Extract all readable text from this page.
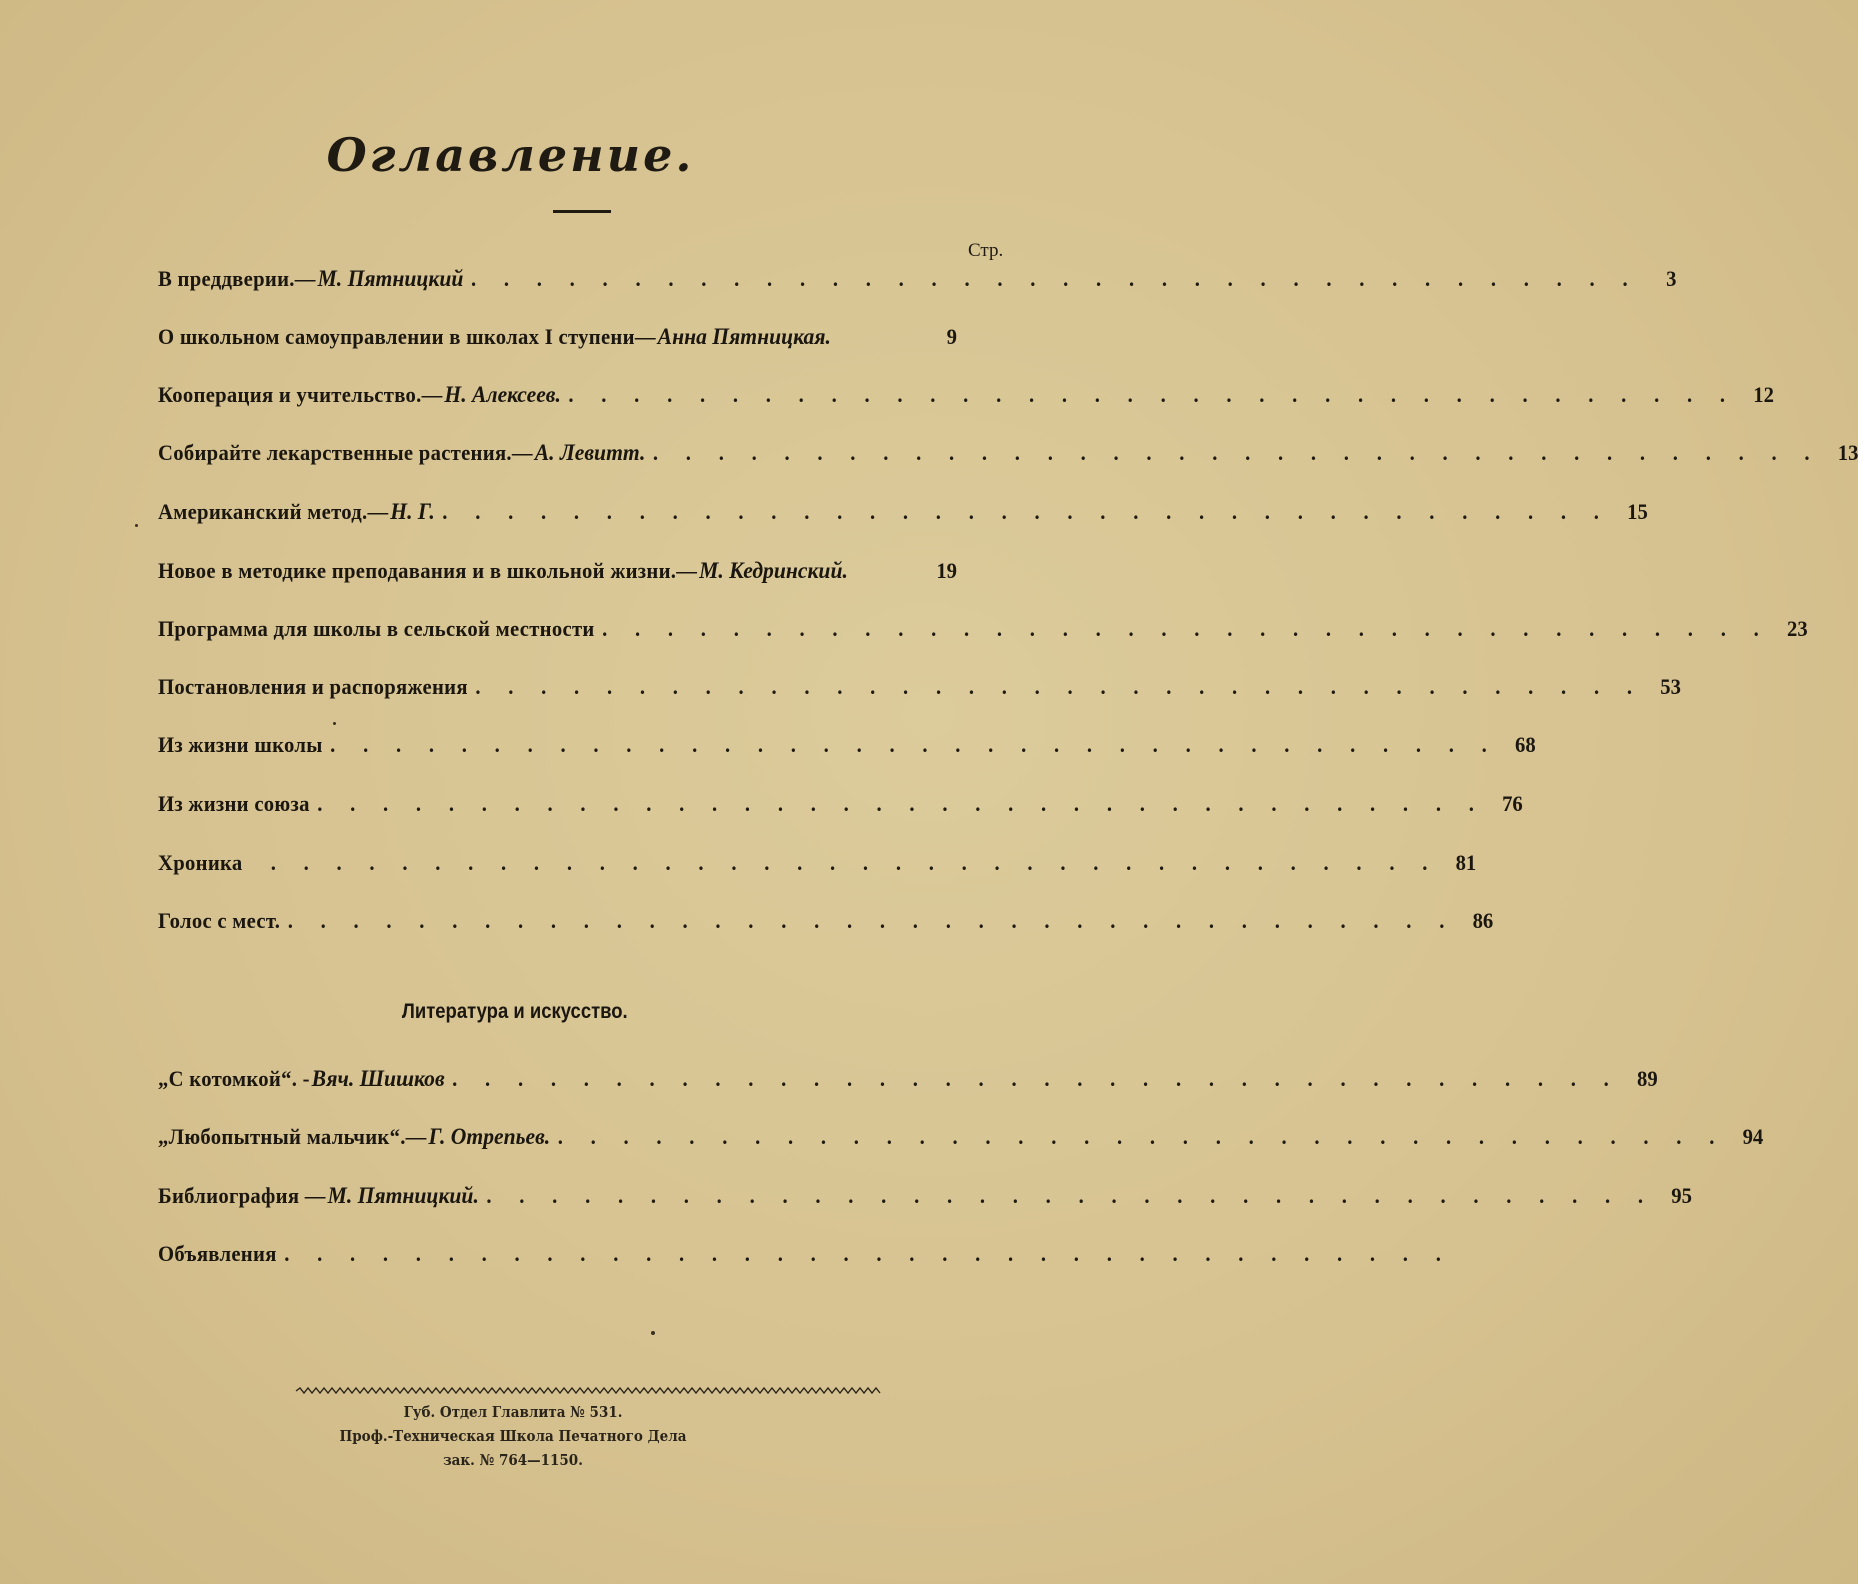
Оглавление.
Стр.
В преддверии.— М. Пятницкий . . . . . . . . . . . . . . . . . . . . . . . . . . . . . . . . . . . .	3
О школьном самоуправлении в школах I ступени— Анна Пятницкая.	9
Кооперация и учительство.— Н. Алексеев. . . . . . . . . . . . . . . . . . . . . . . . . . . . . . . . . . . . . 12
Собирайте лекарственные растения.— А. Левитт. . . . . . . . . . . . . . . . . . . . . . . . . . . . . . . . . . . . . 13
Американский метод.— Н. Г. . . . . . . . . . . . . . . . . . . . . . . . . . . . . . . . . . . . . 15
Новое в методике преподавания и в школьной жизни.— М. Кедринский.	19
Программа для школы в сельской местности . . . . . . . . . . . . . . . . . . . . . . . . . . . . . . . . . . . . 23
Постановления и распоряжения . . . . . . . . . . . . . . . . . . . . . . . . . . . . . . . . . . . . 53
Из жизни школы . . . . . . . . . . . . . . . . . . . . . . . . . . . . . . . . . . . . 68
Из жизни союза . . . . . . . . . . . . . . . . . . . . . . . . . . . . . . . . . . . . 76
Хроника . . . . . . . . . . . . . . . . . . . . . . . . . . . . . . . . . . . . 81
Голос с мест. . . . . . . . . . . . . . . . . . . . . . . . . . . . . . . . . . . . . 86
Литература и искусство.
„С котомкой“. - Вяч. Шишков . . . . . . . . . . . . . . . . . . . . . . . . . . . . . . . . . . . . 89
„Любопытный мальчик“.— Г. Отрепьев. . . . . . . . . . . . . . . . . . . . . . . . . . . . . . . . . . . . . 94
Библиография — М. Пятницкий. . . . . . . . . . . . . . . . . . . . . . . . . . . . . . . . . . . . . 95
Объявления . . . . . . . . . . . . . . . . . . . . . . . . . . . . . . . . . . . .
Губ. Отдел Главлита № 531.
Проф.-Техническая Школа Печатного Дела
зак. № 764—1150.
